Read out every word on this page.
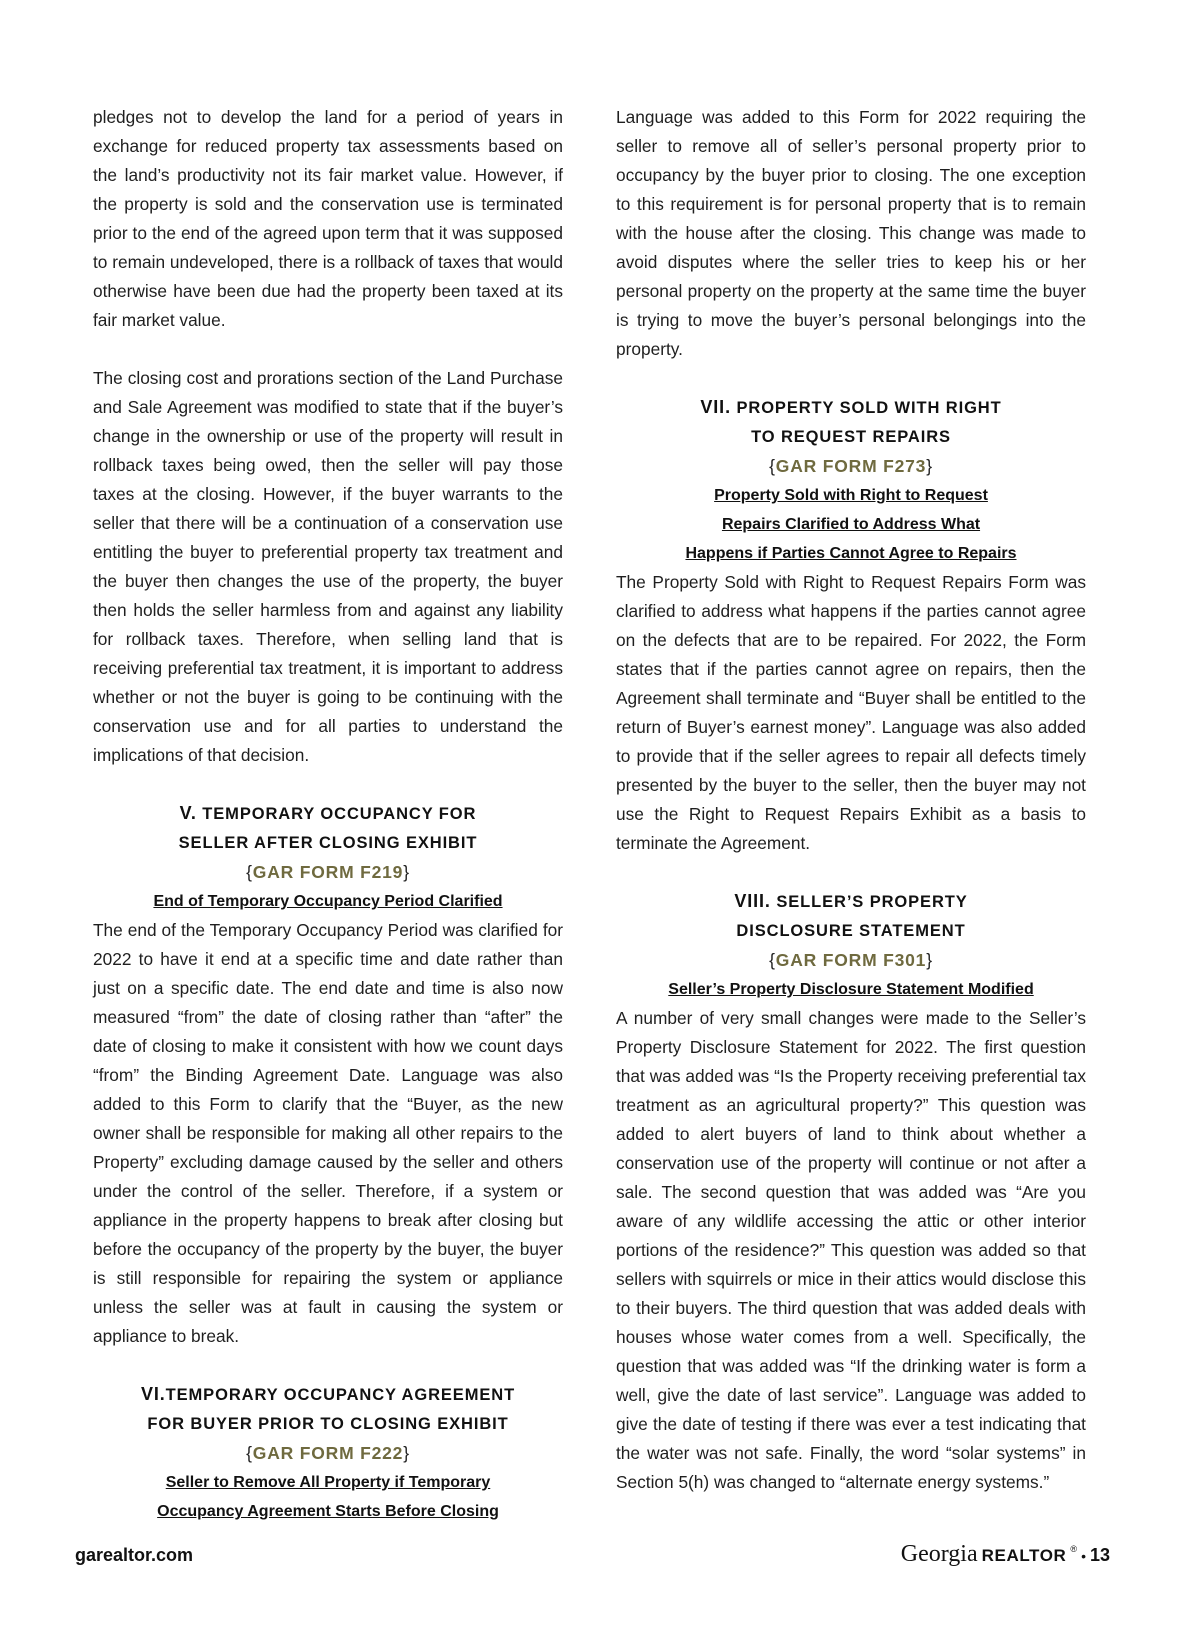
pledges not to develop the land for a period of years in exchange for reduced property tax assessments based on the land’s productivity not its fair market value. However, if the property is sold and the conservation use is terminated prior to the end of the agreed upon term that it was supposed to remain undeveloped, there is a rollback of taxes that would otherwise have been due had the property been taxed at its fair market value.

The closing cost and prorations section of the Land Purchase and Sale Agreement was modified to state that if the buyer’s change in the ownership or use of the property will result in rollback taxes being owed, then the seller will pay those taxes at the closing. However, if the buyer warrants to the seller that there will be a continuation of a conservation use entitling the buyer to preferential property tax treatment and the buyer then changes the use of the property, the buyer then holds the seller harmless from and against any liability for rollback taxes. Therefore, when selling land that is receiving preferential tax treatment, it is important to address whether or not the buyer is going to be continuing with the conservation use and for all parties to understand the implications of that decision.

V. TEMPORARY OCCUPANCY FOR
SELLER AFTER CLOSING EXHIBIT
{GAR FORM F219}
End of Temporary Occupancy Period Clarified

The end of the Temporary Occupancy Period was clarified for 2022 to have it end at a specific time and date rather than just on a specific date. The end date and time is also now measured “from” the date of closing rather than “after” the date of closing to make it consistent with how we count days “from” the Binding Agreement Date. Language was also added to this Form to clarify that the “Buyer, as the new owner shall be responsible for making all other repairs to the Property” excluding damage caused by the seller and others under the control of the seller. Therefore, if a system or appliance in the property happens to break after closing but before the occupancy of the property by the buyer, the buyer is still responsible for repairing the system or appliance unless the seller was at fault in causing the system or appliance to break.

VI.TEMPORARY OCCUPANCY AGREEMENT
FOR BUYER PRIOR TO CLOSING EXHIBIT
{GAR FORM F222}
Seller to Remove All Property if Temporary
Occupancy Agreement Starts Before Closing

Language was added to this Form for 2022 requiring the seller to remove all of seller’s personal property prior to occupancy by the buyer prior to closing. The one exception to this requirement is for personal property that is to remain with the house after the closing. This change was made to avoid disputes where the seller tries to keep his or her personal property on the property at the same time the buyer is trying to move the buyer’s personal belongings into the property.

VII. PROPERTY SOLD WITH RIGHT
TO REQUEST REPAIRS
{GAR FORM F273}
Property Sold with Right to Request
Repairs Clarified to Address What
Happens if Parties Cannot Agree to Repairs

The Property Sold with Right to Request Repairs Form was clarified to address what happens if the parties cannot agree on the defects that are to be repaired. For 2022, the Form states that if the parties cannot agree on repairs, then the Agreement shall terminate and “Buyer shall be entitled to the return of Buyer’s earnest money”. Language was also added to provide that if the seller agrees to repair all defects timely presented by the buyer to the seller, then the buyer may not use the Right to Request Repairs Exhibit as a basis to terminate the Agreement.

VIII. SELLER’S PROPERTY
DISCLOSURE STATEMENT
{GAR FORM F301}
Seller’s Property Disclosure Statement Modified

A number of very small changes were made to the Seller’s Property Disclosure Statement for 2022. The first question that was added was “Is the Property receiving preferential tax treatment as an agricultural property?” This question was added to alert buyers of land to think about whether a conservation use of the property will continue or not after a sale. The second question that was added was “Are you aware of any wildlife accessing the attic or other interior portions of the residence?” This question was added so that sellers with squirrels or mice in their attics would disclose this to their buyers. The third question that was added deals with houses whose water comes from a well. Specifically, the question that was added was “If the drinking water is form a well, give the date of last service”. Language was added to give the date of testing if there was ever a test indicating that the water was not safe. Finally, the word “solar systems” in Section 5(h) was changed to “alternate energy systems.”

garealtor.com	Georgia REALTOR ® • 13
